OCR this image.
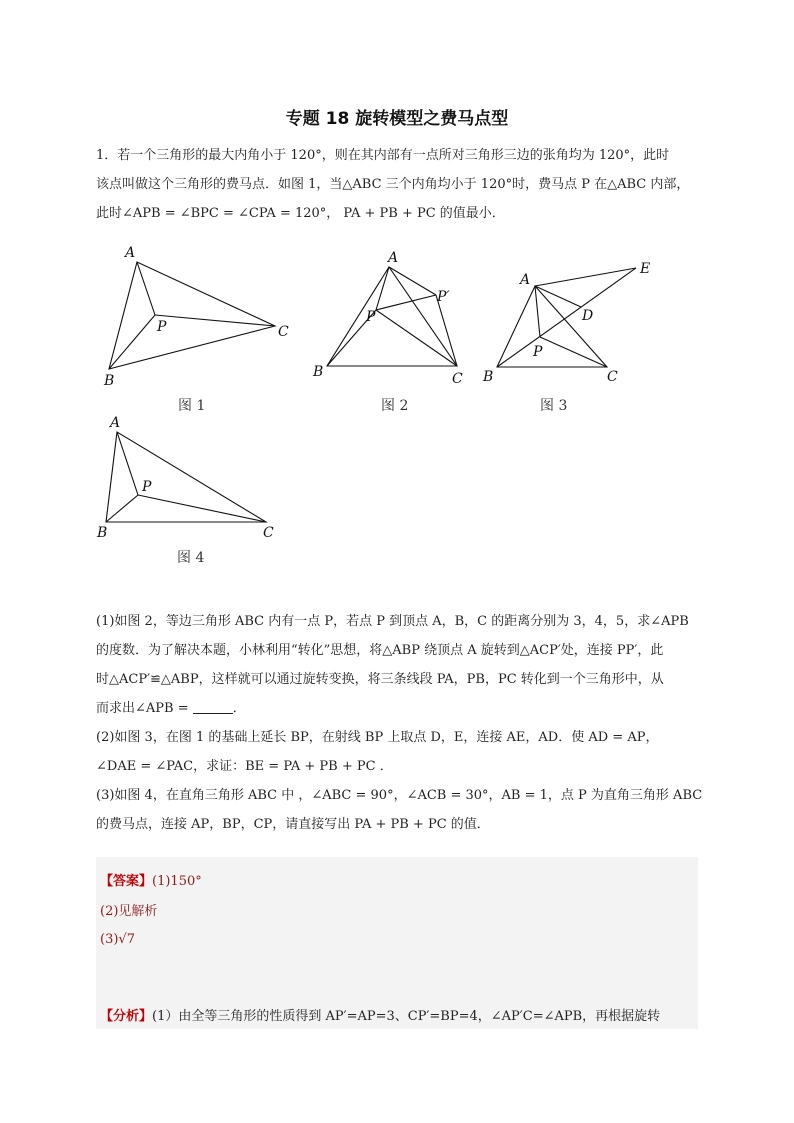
专题 18 旋转模型之费马点型
1．若一个三角形的最大内角小于 120°，则在其内部有一点所对三角形三边的张角均为 120°，此时
该点叫做这个三角形的费马点．如图 1，当△ABC 三个内角均小于 120°时，费马点 P 在△ABC 内部，
此时∠APB = ∠BPC = ∠CPA = 120°， PA + PB + PC 的值最小．
A
B
C
P
图 1
A
B	C
P
P′
图 2
A
B	C
P
D
E
图 3
A
B	C
P
图 4
(1)如图 2，等边三角形 ABC 内有一点 P，若点 P 到顶点 A，B，C 的距离分别为 3，4，5，求∠APB
的度数．为了解决本题，小林利用“转化”思想，将△ABP 绕顶点 A 旋转到△ACP′处，连接 PP′，此
时△ACP′≌△ABP，这样就可以通过旋转变换，将三条线段 PA，PB，PC 转化到一个三角形中，从
而求出∠APB =	．
(2)如图 3，在图 1 的基础上延长 BP，在射线 BP 上取点 D，E，连接 AE，AD．使 AD = AP，
∠DAE = ∠PAC，求证：BE = PA + PB + PC ．
(3)如图 4，在直角三角形 ABC 中 ，∠ABC = 90°，∠ACB = 30°，AB = 1，点 P 为直角三角形 ABC
的费马点，连接 AP，BP，CP，请直接写出 PA + PB + PC 的值．
【答案】(1)150°
(2)见解析
(3)√7
【分析】(1）由全等三角形的性质得到 AP′=AP=3、CP′=BP=4，∠AP′C=∠APB，再根据旋转
